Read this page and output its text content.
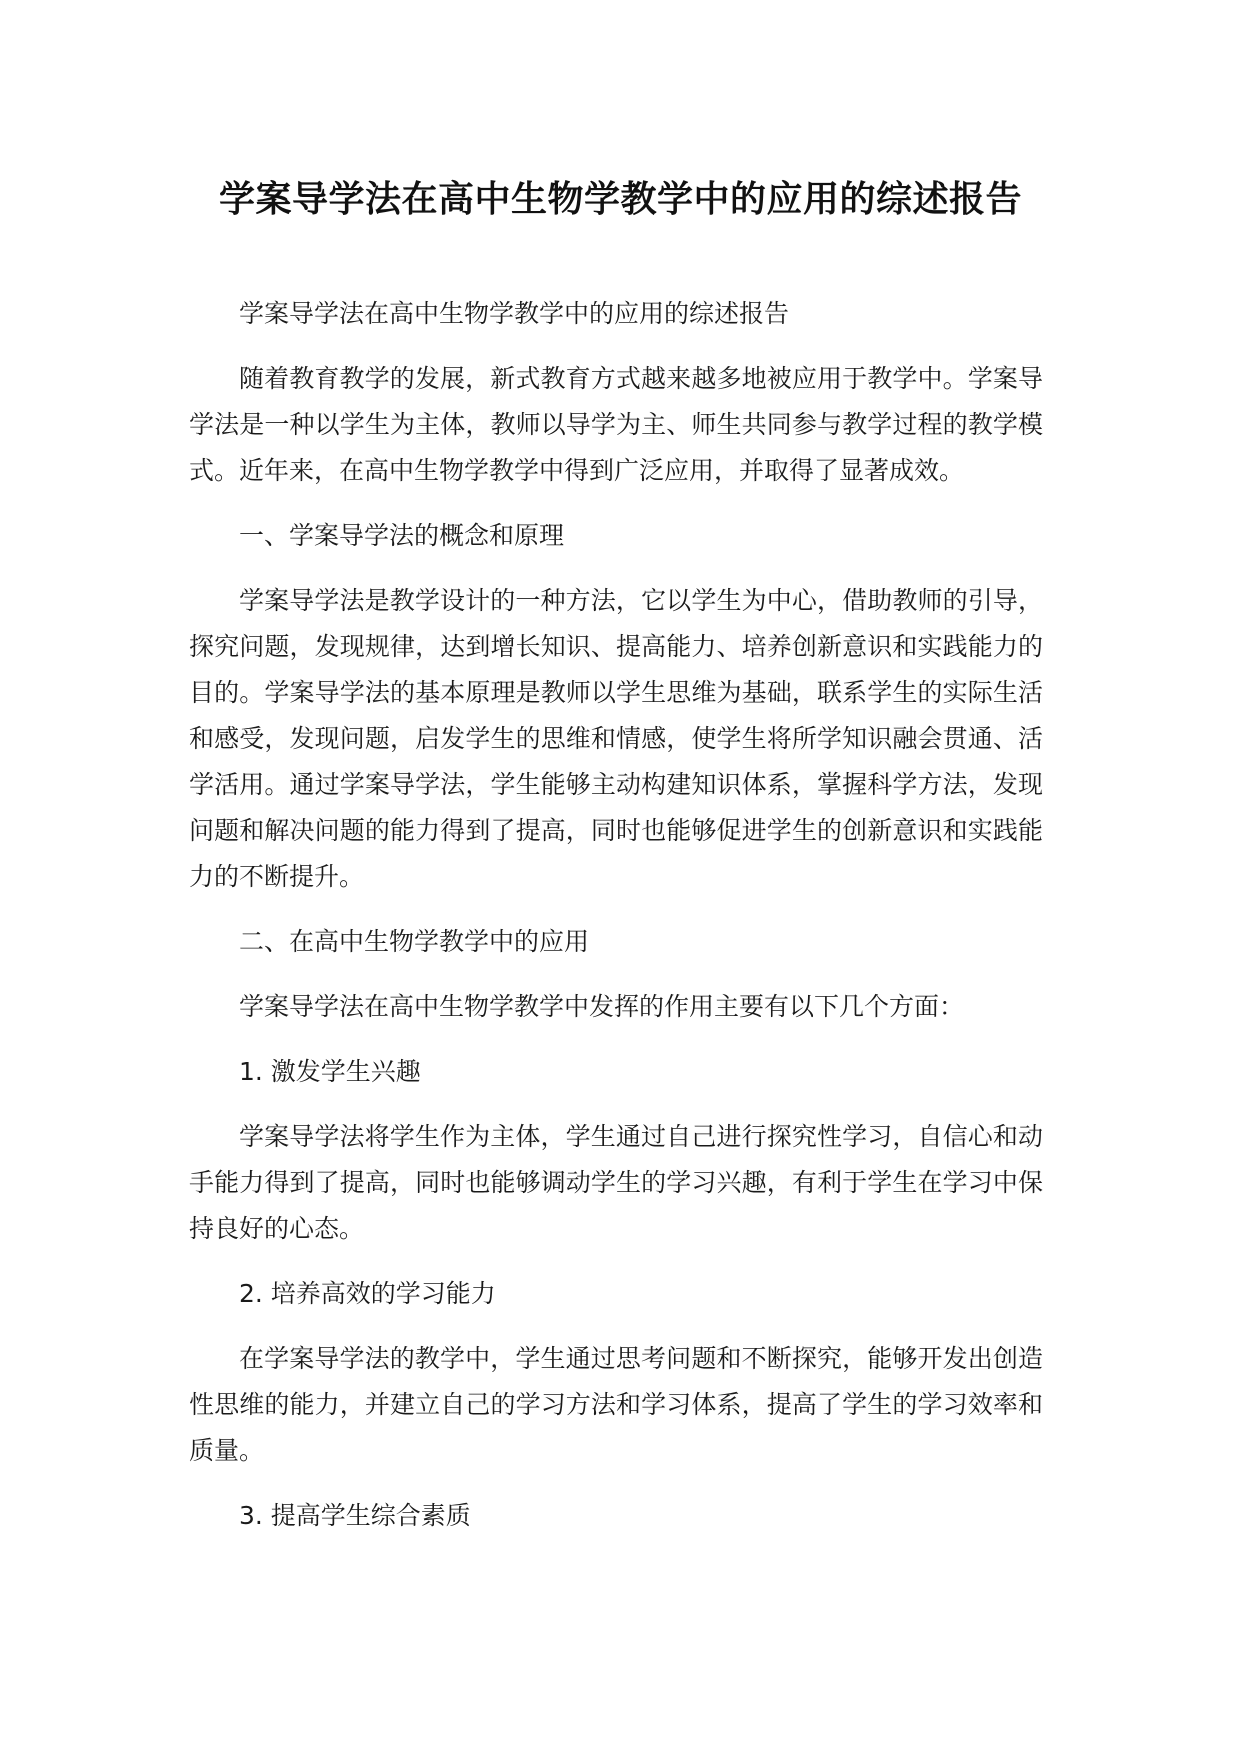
学案导学法在高中生物学教学中的应用的综述报告

学案导学法在高中生物学教学中的应用的综述报告

随着教育教学的发展，新式教育方式越来越多地被应用于教学中。学案导学法是一种以学生为主体，教师以导学为主、师生共同参与教学过程的教学模式。近年来，在高中生物学教学中得到广泛应用，并取得了显著成效。

一、学案导学法的概念和原理

学案导学法是教学设计的一种方法，它以学生为中心，借助教师的引导，探究问题，发现规律，达到增长知识、提高能力、培养创新意识和实践能力的目的。学案导学法的基本原理是教师以学生思维为基础，联系学生的实际生活和感受，发现问题，启发学生的思维和情感，使学生将所学知识融会贯通、活学活用。通过学案导学法，学生能够主动构建知识体系，掌握科学方法，发现问题和解决问题的能力得到了提高，同时也能够促进学生的创新意识和实践能力的不断提升。

二、在高中生物学教学中的应用

学案导学法在高中生物学教学中发挥的作用主要有以下几个方面：

1. 激发学生兴趣

学案导学法将学生作为主体，学生通过自己进行探究性学习，自信心和动手能力得到了提高，同时也能够调动学生的学习兴趣，有利于学生在学习中保持良好的心态。

2. 培养高效的学习能力

在学案导学法的教学中，学生通过思考问题和不断探究，能够开发出创造性思维的能力，并建立自己的学习方法和学习体系，提高了学生的学习效率和质量。

3. 提高学生综合素质
